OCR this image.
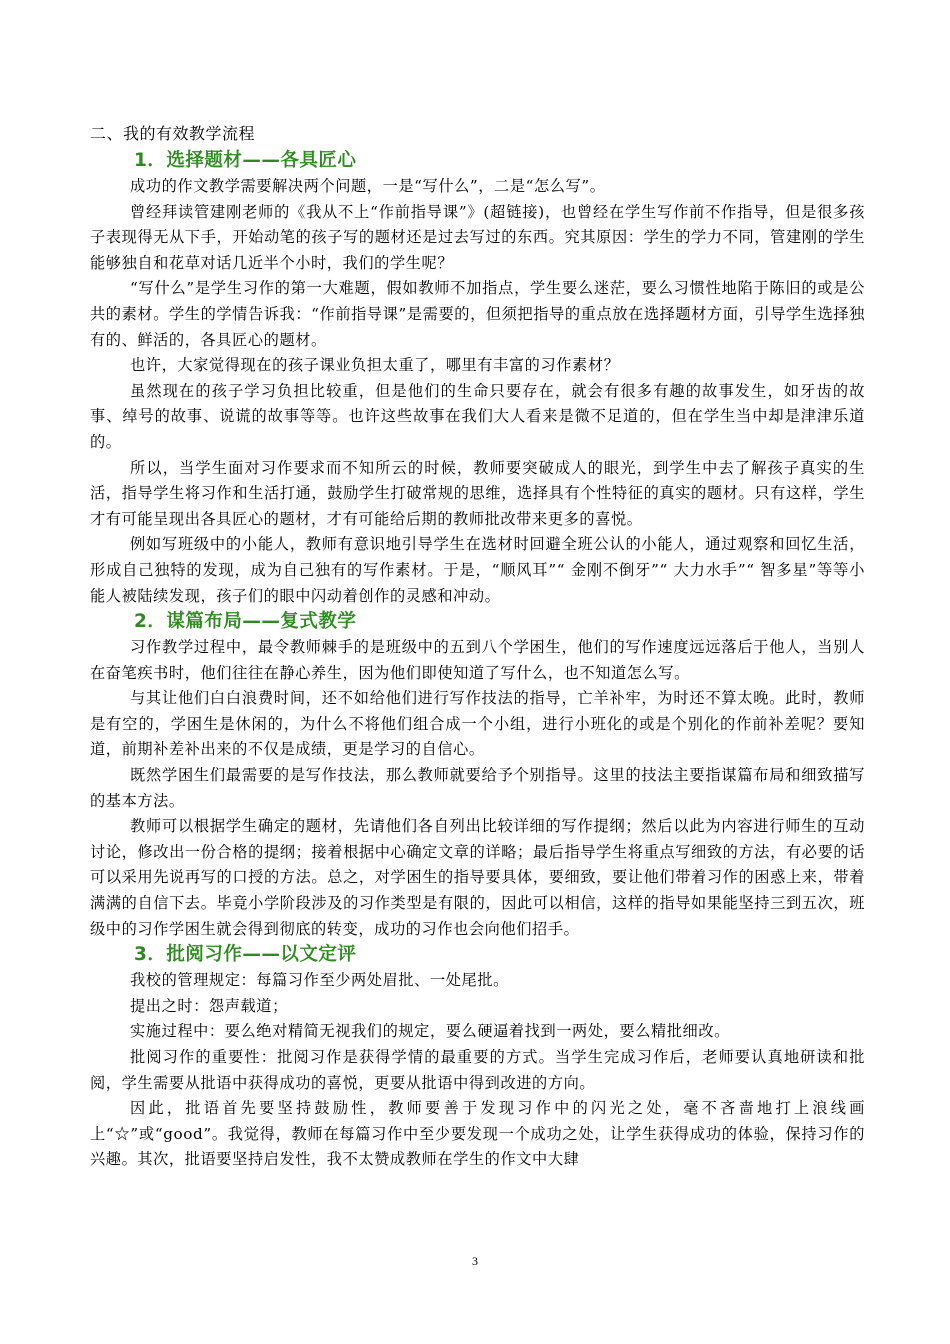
二、我的有效教学流程

1．选择题材——各具匠心

成功的作文教学需要解决两个问题，一是“写什么”，二是“怎么写”。

曾经拜读管建刚老师的《我从不上“作前指导课”》(超链接)，也曾经在学生写作前不作指导，但是很多孩子表现得无从下手，开始动笔的孩子写的题材还是过去写过的东西。究其原因：学生的学力不同，管建刚的学生能够独自和花草对话几近半个小时，我们的学生呢？

“写什么”是学生习作的第一大难题，假如教师不加指点，学生要么迷茫，要么习惯性地陷于陈旧的或是公共的素材。学生的学情告诉我：“作前指导课”是需要的，但须把指导的重点放在选择题材方面，引导学生选择独有的、鲜活的，各具匠心的题材。

也许，大家觉得现在的孩子课业负担太重了，哪里有丰富的习作素材？

虽然现在的孩子学习负担比较重，但是他们的生命只要存在，就会有很多有趣的故事发生，如牙齿的故事、绰号的故事、说谎的故事等等。也许这些故事在我们大人看来是微不足道的，但在学生当中却是津津乐道的。

所以，当学生面对习作要求而不知所云的时候，教师要突破成人的眼光，到学生中去了解孩子真实的生活，指导学生将习作和生活打通，鼓励学生打破常规的思维，选择具有个性特征的真实的题材。只有这样，学生才有可能呈现出各具匠心的题材，才有可能给后期的教师批改带来更多的喜悦。

例如写班级中的小能人，教师有意识地引导学生在选材时回避全班公认的小能人，通过观察和回忆生活，形成自己独特的发现，成为自己独有的写作素材。于是，“顺风耳”“ 金刚不倒牙”“ 大力水手”“ 智多星”等等小能人被陆续发现，孩子们的眼中闪动着创作的灵感和冲动。

2．谋篇布局——复式教学

习作教学过程中，最令教师棘手的是班级中的五到八个学困生，他们的写作速度远远落后于他人，当别人在奋笔疾书时，他们往往在静心养生，因为他们即使知道了写什么，也不知道怎么写。

与其让他们白白浪费时间，还不如给他们进行写作技法的指导，亡羊补牢，为时还不算太晚。此时，教师是有空的，学困生是休闲的，为什么不将他们组合成一个小组，进行小班化的或是个别化的作前补差呢？要知道，前期补差补出来的不仅是成绩，更是学习的自信心。

既然学困生们最需要的是写作技法，那么教师就要给予个别指导。这里的技法主要指谋篇布局和细致描写的基本方法。

教师可以根据学生确定的题材，先请他们各自列出比较详细的写作提纲；然后以此为内容进行师生的互动讨论，修改出一份合格的提纲；接着根据中心确定文章的详略；最后指导学生将重点写细致的方法，有必要的话可以采用先说再写的口授的方法。总之，对学困生的指导要具体，要细致，要让他们带着习作的困惑上来，带着满满的自信下去。毕竟小学阶段涉及的习作类型是有限的，因此可以相信，这样的指导如果能坚持三到五次，班级中的习作学困生就会得到彻底的转变，成功的习作也会向他们招手。

3．批阅习作——以文定评

我校的管理规定：每篇习作至少两处眉批、一处尾批。

提出之时：怨声载道；

实施过程中：要么绝对精简无视我们的规定，要么硬逼着找到一两处，要么精批细改。

批阅习作的重要性：批阅习作是获得学情的最重要的方式。当学生完成习作后，老师要认真地研读和批阅，学生需要从批语中获得成功的喜悦，更要从批语中得到改进的方向。

因此，批语首先要坚持鼓励性，教师要善于发现习作中的闪光之处，毫不吝啬地打上浪线画上“☆”或“good”。我觉得，教师在每篇习作中至少要发现一个成功之处，让学生获得成功的体验，保持习作的兴趣。其次，批语要坚持启发性，我不太赞成教师在学生的作文中大肆

3
